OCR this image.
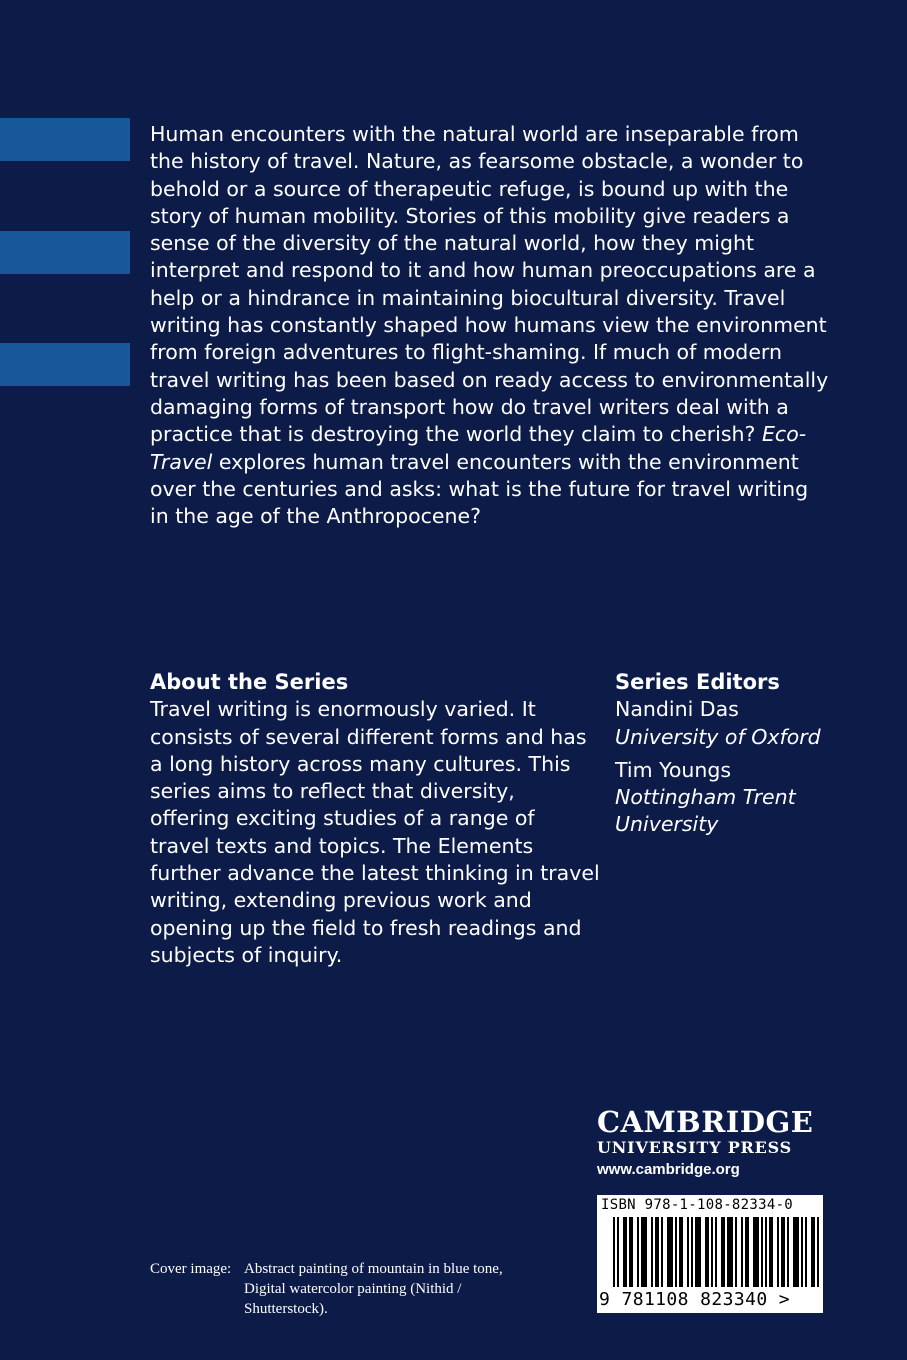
Human encounters with the natural world are inseparable from the history of travel. Nature, as fearsome obstacle, a wonder to behold or a source of therapeutic refuge, is bound up with the story of human mobility. Stories of this mobility give readers a sense of the diversity of the natural world, how they might interpret and respond to it and how human preoccupations are a help or a hindrance in maintaining biocultural diversity. Travel writing has constantly shaped how humans view the environment from foreign adventures to flight-shaming. If much of modern travel writing has been based on ready access to environmentally damaging forms of transport how do travel writers deal with a practice that is destroying the world they claim to cherish? Eco-Travel explores human travel encounters with the environment over the centuries and asks: what is the future for travel writing in the age of the Anthropocene?

About the Series

Travel writing is enormously varied. It consists of several different forms and has a long history across many cultures. This series aims to reflect that diversity, offering exciting studies of a range of travel texts and topics. The Elements further advance the latest thinking in travel writing, extending previous work and opening up the field to fresh readings and subjects of inquiry.

Series Editors
Nandini Das
University of Oxford
Tim Youngs
Nottingham Trent University
CAMBRIDGE
UNIVERSITY PRESS
www.cambridge.org
ISBN 978-1-108-82334-0
9 781108 823340 >
Cover image: Abstract painting of mountain in blue tone, Digital watercolor painting (Nithid / Shutterstock).
